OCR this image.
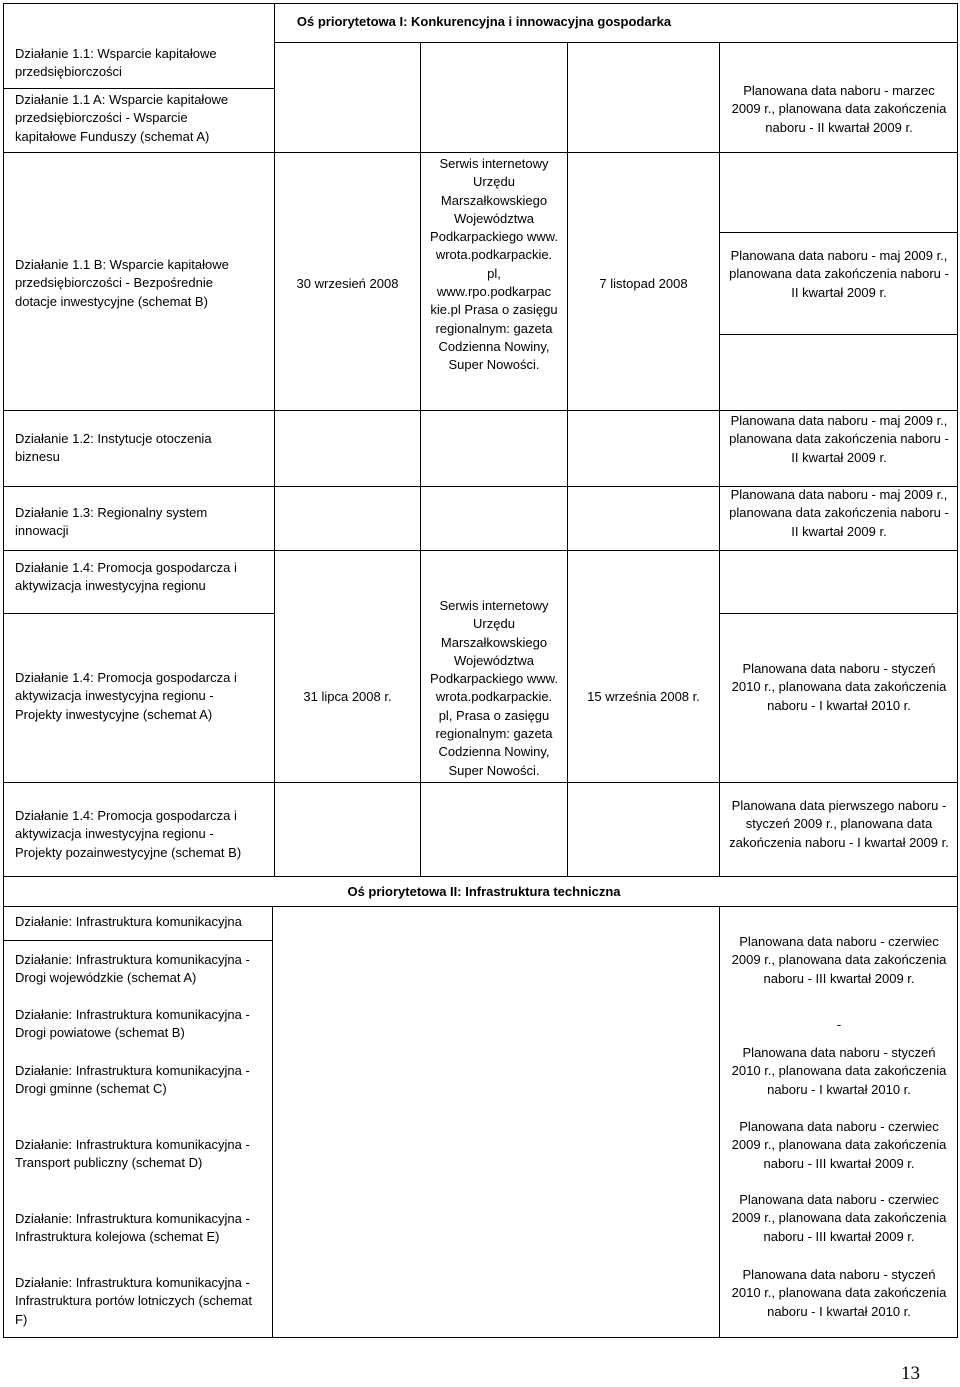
Oś priorytetowa I: Konkurencyjna i innowacyjna gospodarka
Działanie 1.1: Wsparcie kapitałowe przedsiębiorczości
Działanie 1.1 A: Wsparcie kapitałowe przedsiębiorczości - Wsparcie kapitałowe Funduszy (schemat A)
Działanie 1.1 B: Wsparcie kapitałowe przedsiębiorczości - Bezpośrednie dotacje inwestycyjne (schemat B)
Działanie 1.2: Instytucje otoczenia biznesu
Działanie 1.3: Regionalny system innowacji
Działanie 1.4: Promocja gospodarcza i aktywizacja inwestycyjna regionu
Działanie 1.4: Promocja gospodarcza i aktywizacja inwestycyjna regionu - Projekty inwestycyjne (schemat A)
Działanie 1.4: Promocja gospodarcza i aktywizacja inwestycyjna regionu - Projekty pozainwestycyjne (schemat B)
30 wrzesień 2008
31 lipca 2008 r.
Serwis internetowy Urzędu Marszałkowskiego Województwa Podkarpackiego www. wrota.podkarpackie. pl, www.rpo.podkarpac kie.pl Prasa o zasięgu regionalnym: gazeta Codzienna Nowiny, Super Nowości.
Serwis internetowy Urzędu Marszałkowskiego Województwa Podkarpackiego www. wrota.podkarpackie. pl, Prasa o zasięgu regionalnym: gazeta Codzienna Nowiny, Super Nowości.
7 listopad 2008
15 września 2008 r.
Planowana data naboru - marzec 2009 r., planowana data zakończenia naboru - II kwartał 2009 r.
Planowana data naboru - maj 2009 r., planowana data zakończenia naboru - II kwartał 2009 r.
Planowana data naboru - maj 2009 r., planowana data zakończenia naboru - II kwartał 2009 r.
Planowana data naboru - maj 2009 r., planowana data zakończenia naboru - II kwartał 2009 r.
Planowana data naboru - styczeń 2010 r., planowana data zakończenia naboru - I kwartał 2010 r.
Planowana data pierwszego naboru - styczeń 2009 r., planowana data zakończenia naboru - I kwartał 2009 r.
Oś priorytetowa II: Infrastruktura techniczna
Działanie: Infrastruktura komunikacyjna
Działanie: Infrastruktura komunikacyjna - Drogi wojewódzkie (schemat A)
Działanie: Infrastruktura komunikacyjna - Drogi powiatowe (schemat B)
Działanie: Infrastruktura komunikacyjna - Drogi gminne (schemat C)
Działanie: Infrastruktura komunikacyjna - Transport publiczny (schemat D)
Działanie: Infrastruktura komunikacyjna - Infrastruktura kolejowa (schemat E)
Działanie: Infrastruktura komunikacyjna - Infrastruktura portów lotniczych (schemat F)
Planowana data naboru - czerwiec 2009 r., planowana data zakończenia naboru - III kwartał 2009 r.
-
Planowana data naboru - styczeń 2010 r., planowana data zakończenia naboru - I kwartał 2010 r.
Planowana data naboru - czerwiec 2009 r., planowana data zakończenia naboru - III kwartał 2009 r.
Planowana data naboru - czerwiec 2009 r., planowana data zakończenia naboru - III kwartał 2009 r.
Planowana data naboru - styczeń 2010 r., planowana data zakończenia naboru - I kwartał 2010 r.
13
